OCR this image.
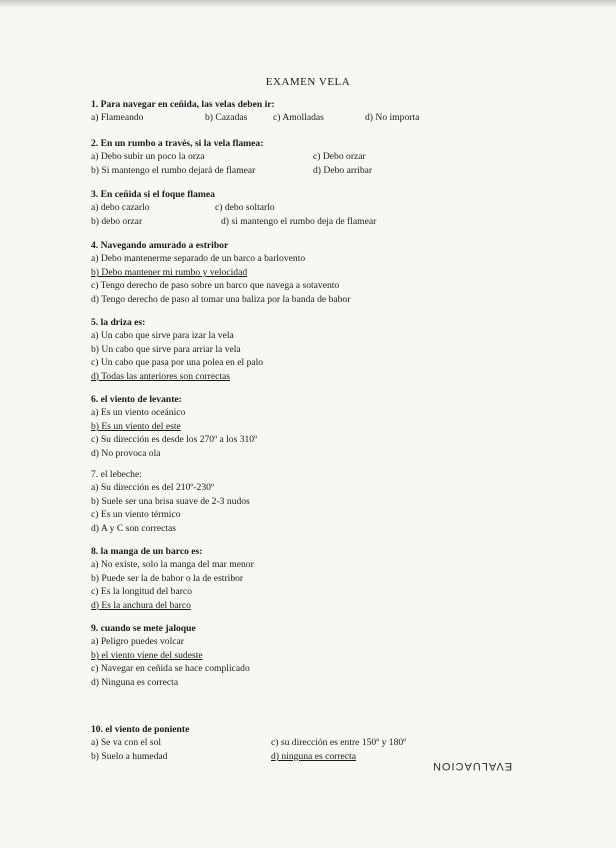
EXAMEN VELA
1. Para navegar en ceñida, las velas deben ir:
a) Flameando	b) Cazadas	c) Amolladas	d) No importa
2. En un rumbo a través, si la vela flamea:
a) Debo subir un poco la orza	c) Debo orzar
b) Si mantengo el rumbo dejará de flamear	d) Debo arribar
3. En ceñida si el foque flamea
a) debo cazarlo	c) debo soltarlo
b) debo orzar	d) si mantengo el rumbo deja de flamear
4. Navegando amurado a estribor
a) Debo mantenerme separado de un barco a barlovento
b) Debo mantener mi rumbo y velocidad
c) Tengo derecho de paso sobre un barco que navega a sotavento
d) Tengo derecho de paso al tomar una baliza por la banda de babor
5. la driza es:
a) Un cabo que sirve para izar la vela
b) Un cabo que sirve para arriar la vela
c) Un cabo que pasa por una polea en el palo
d) Todas las anteriores son correctas
6. el viento de levante:
a) Es un viento oceánico
b) Es un viento del este
c) Su dirección es desde los 270º a los 310º
d) No provoca ola
7. el lebeche:
a) Su dirección es del 210º-230º
b) Suele ser una brisa suave de 2-3 nudos
c) Es un viento térmico
d) A y C son correctas
8. la manga de un barco es:
a) No existe, solo la manga del mar menor
b) Puede ser la de babor o la de estribor
c) Es la longitud del barco
d) Es la anchura del barco
9. cuando se mete jaloque
a) Peligro puedes volcar
b) el viento viene del sudeste
c) Navegar en ceñida se hace complicado
d) Ninguna es correcta
10. el viento de poniente
a) Se va con el sol	c) su dirección es entre 150º y 180º
b) Suelo a humedad	d) ninguna es correcta
EVALUACION
